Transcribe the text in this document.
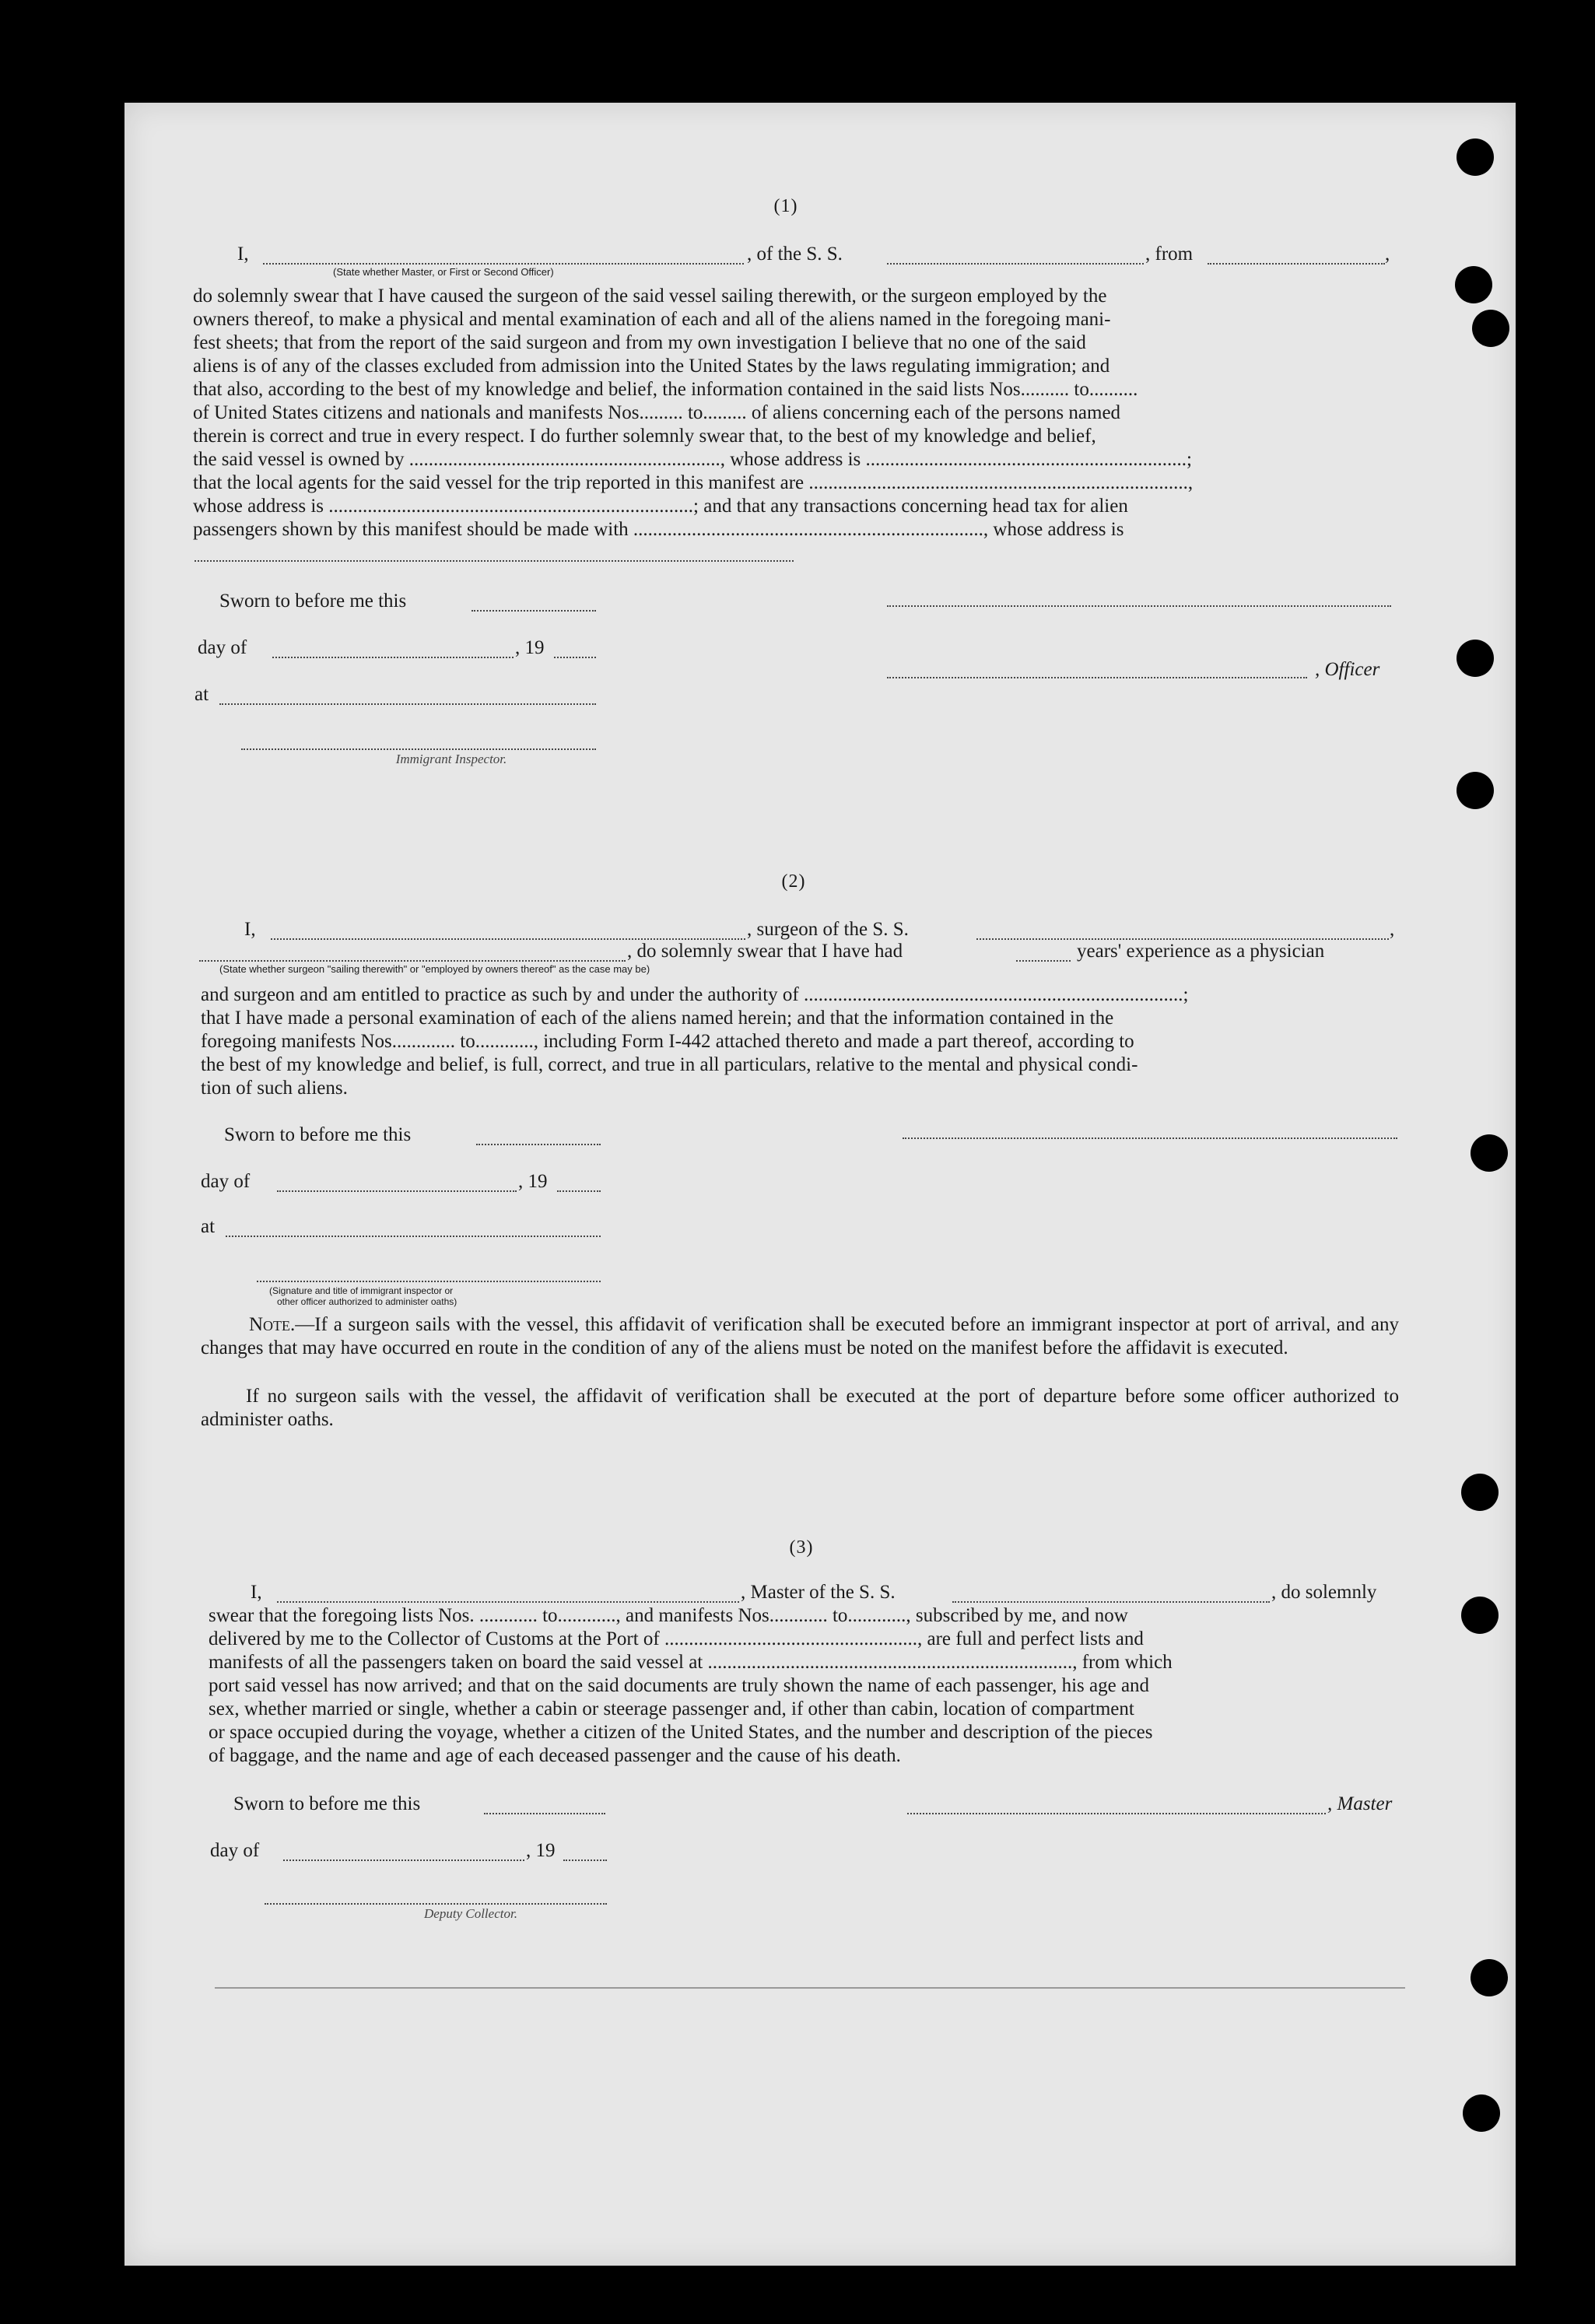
(1)
I,	, of the S. S.	, from	,
(State whether Master, or First or Second Officer)
do solemnly swear that I have caused the surgeon of the said vessel sailing therewith, or the surgeon employed by the
owners thereof, to make a physical and mental examination of each and all of the aliens named in the foregoing mani-
fest sheets; that from the report of the said surgeon and from my own investigation I believe that no one of the said
aliens is of any of the classes excluded from admission into the United States by the laws regulating immigration; and
that also, according to the best of my knowledge and belief, the information contained in the said lists Nos.......... to..........
of United States citizens and nationals and manifests Nos......... to......... of aliens concerning each of the persons named
therein is correct and true in every respect. I do further solemnly swear that, to the best of my knowledge and belief,
the said vessel is owned by ................................................................, whose address is ..................................................................;
that the local agents for the said vessel for the trip reported in this manifest are ..............................................................................,
whose address is ...........................................................................; and that any transactions concerning head tax for alien
passengers shown by this manifest should be made with ........................................................................, whose address is
Sworn to before me this
day of	, 19
, Officer
at
Immigrant Inspector.
(2)
I,	, surgeon of the S. S.	,
, do solemnly swear that I have had	years' experience as a physician
(State whether surgeon "sailing therewith" or "employed by owners thereof" as the case may be)
and surgeon and am entitled to practice as such by and under the authority of ..............................................................................;
that I have made a personal examination of each of the aliens named herein; and that the information contained in the
foregoing manifests Nos............. to............, including Form I-442 attached thereto and made a part thereof, according to
the best of my knowledge and belief, is full, correct, and true in all particulars, relative to the mental and physical condi-
tion of such aliens.
Sworn to before me this
day of	, 19
at
(Signature and title of immigrant inspector or
other officer authorized to administer oaths)
Note.—If a surgeon sails with the vessel, this affidavit of verification shall be executed before an immigrant inspector at port of arrival, and any changes that may have occurred en route in the condition of any of the aliens must be noted on the manifest before the affidavit is executed.
If no surgeon sails with the vessel, the affidavit of verification shall be executed at the port of departure before some officer authorized to administer oaths.
(3)
I,	, Master of the S. S.	, do solemnly
swear that the foregoing lists Nos. ............ to............, and manifests Nos............ to............, subscribed by me, and now
delivered by me to the Collector of Customs at the Port of ...................................................., are full and perfect lists and
manifests of all the passengers taken on board the said vessel at ..........................................................................., from which
port said vessel has now arrived; and that on the said documents are truly shown the name of each passenger, his age and
sex, whether married or single, whether a cabin or steerage passenger and, if other than cabin, location of compartment
or space occupied during the voyage, whether a citizen of the United States, and the number and description of the pieces
of baggage, and the name and age of each deceased passenger and the cause of his death.
Sworn to before me this	, Master
day of	, 19
Deputy Collector.
